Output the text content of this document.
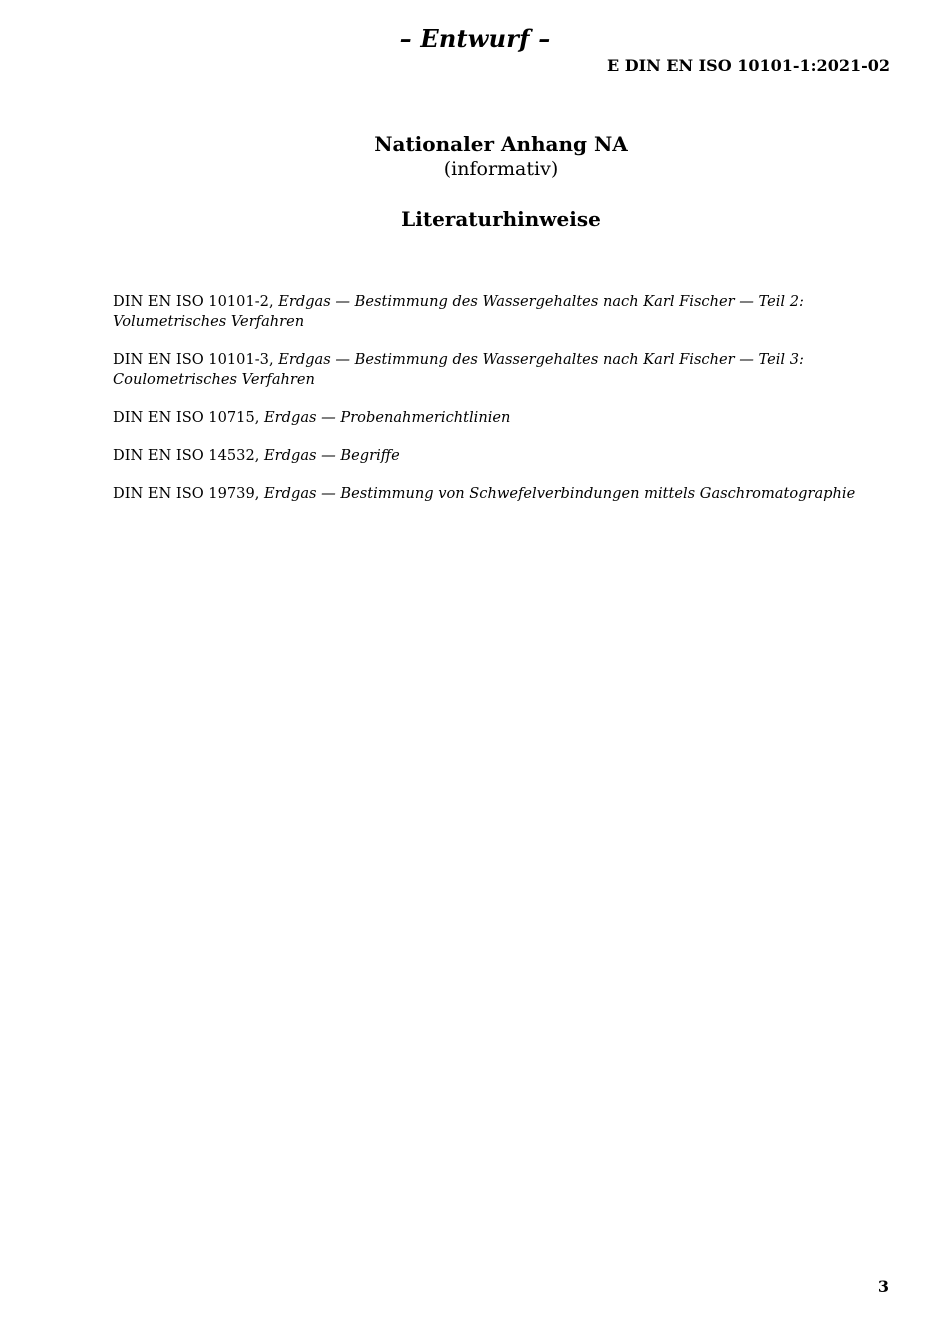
– Entwurf –
E DIN EN ISO 10101-1:2021-02
Nationaler Anhang NA
(informativ)
Literaturhinweise
DIN EN ISO 10101-2, Erdgas — Bestimmung des Wassergehaltes nach Karl Fischer — Teil 2: Volumetrisches Verfahren
DIN EN ISO 10101-3, Erdgas — Bestimmung des Wassergehaltes nach Karl Fischer — Teil 3: Coulometrisches Verfahren
DIN EN ISO 10715, Erdgas — Probenahmerichtlinien
DIN EN ISO 14532, Erdgas — Begriffe
DIN EN ISO 19739, Erdgas — Bestimmung von Schwefelverbindungen mittels Gaschromatographie
3
